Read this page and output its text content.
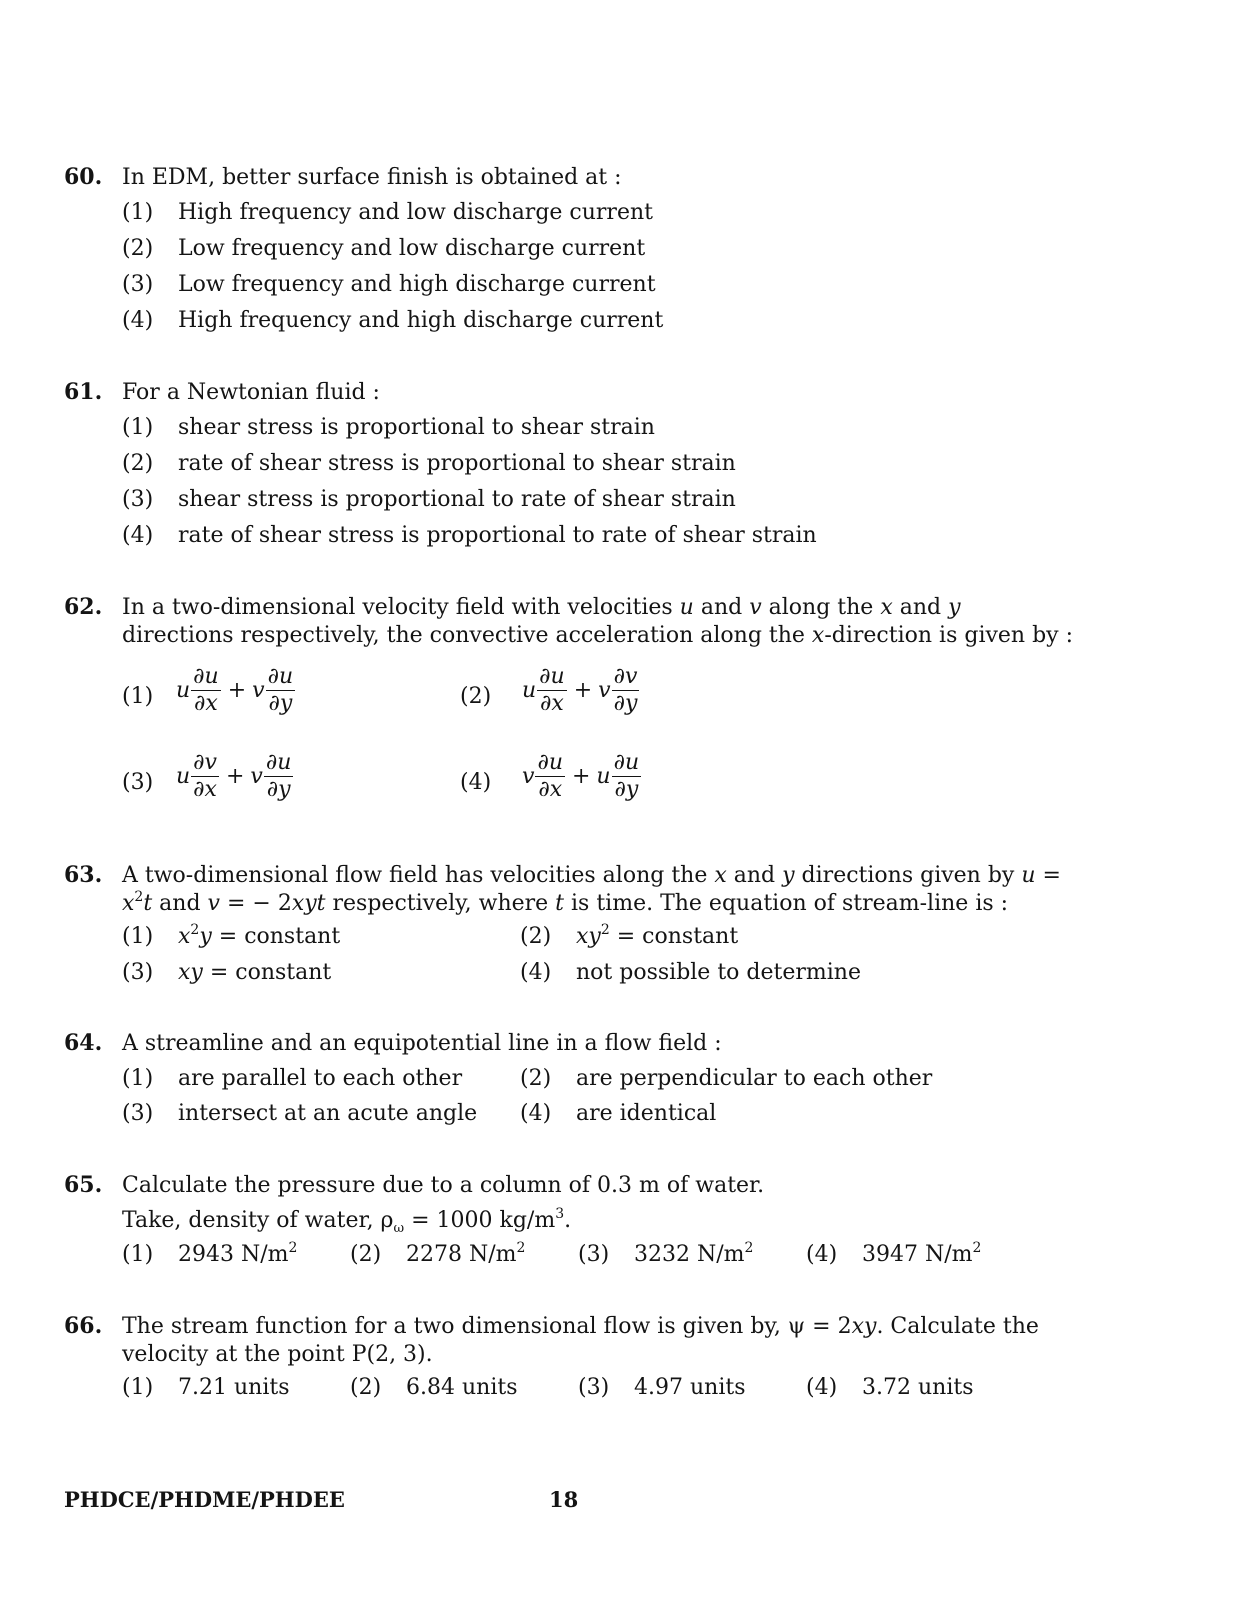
60. In EDM, better surface finish is obtained at :
(1) High frequency and low discharge current
(2) Low frequency and low discharge current
(3) Low frequency and high discharge current
(4) High frequency and high discharge current
61. For a Newtonian fluid :
(1) shear stress is proportional to shear strain
(2) rate of shear stress is proportional to shear strain
(3) shear stress is proportional to rate of shear strain
(4) rate of shear stress is proportional to rate of shear strain
62. In a two-dimensional velocity field with velocities u and v along the x and y directions respectively, the convective acceleration along the x-direction is given by :
(1) u $\frac{\partial u}{\partial x} + v \frac{\partial u}{\partial y}$	(2) u $\frac{\partial u}{\partial x} + v \frac{\partial v}{\partial y}$
(3) u $\frac{\partial v}{\partial x} + v \frac{\partial u}{\partial y}$	(4) v $\frac{\partial u}{\partial x} + u \frac{\partial u}{\partial y}$
63. A two-dimensional flow field has velocities along the x and y directions given by $u = x^2t$ and v = − 2xyt respectively, where t is time. The equation of stream-line is :
(1) $x^2y$ = constant	(2) $xy^2$ = constant
(3) xy = constant	(4) not possible to determine
64. A streamline and an equipotential line in a flow field :
(1) are parallel to each other	(2) are perpendicular to each other
(3) intersect at an acute angle (4) are identical
65. Calculate the pressure due to a column of 0.3 m of water.
Take, density of water, $\rho_\omega = 1000$ $kg/m^3$.
(1) 2943 $N/m^2$ (2) 2278 $N/m^2$ (3) 3232 $N/m^2$ (4) 3947 $N/m^2$
66. The stream function for a two dimensional flow is given by, ψ = 2xy. Calculate the velocity at the point P(2, 3).
(1) 7.21 units	(2) 6.84 units	(3) 4.97 units	(4) 3.72 units
PHDCE/PHDME/PHDEE	18
